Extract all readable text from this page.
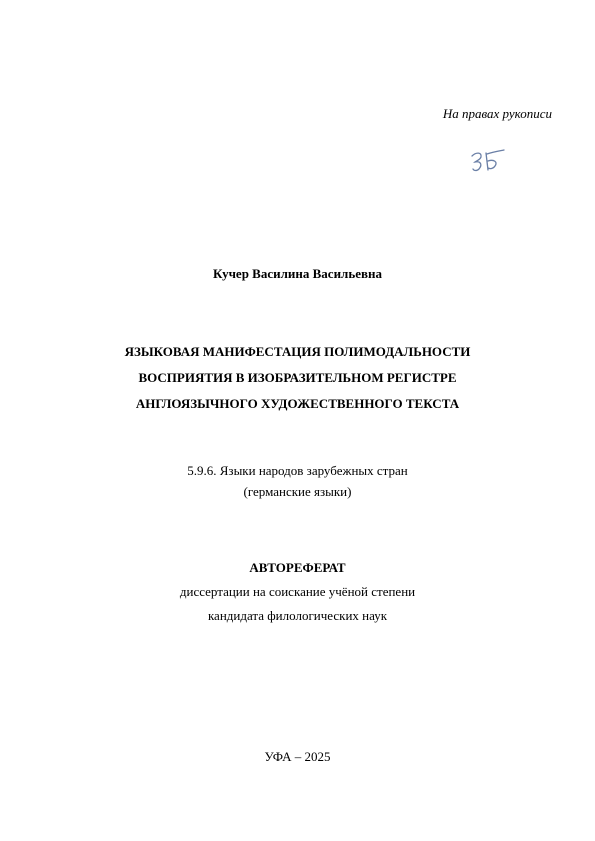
На правах рукописи
Кучер Василина Васильевна
ЯЗЫКОВАЯ МАНИФЕСТАЦИЯ ПОЛИМОДАЛЬНОСТИ
ВОСПРИЯТИЯ В ИЗОБРАЗИТЕЛЬНОМ РЕГИСТРЕ
АНГЛОЯЗЫЧНОГО ХУДОЖЕСТВЕННОГО ТЕКСТА
5.9.6. Языки народов зарубежных стран
(германские языки)
АВТОРЕФЕРАТ
диссертации на соискание учёной степени
кандидата филологических наук
УФА – 2025
